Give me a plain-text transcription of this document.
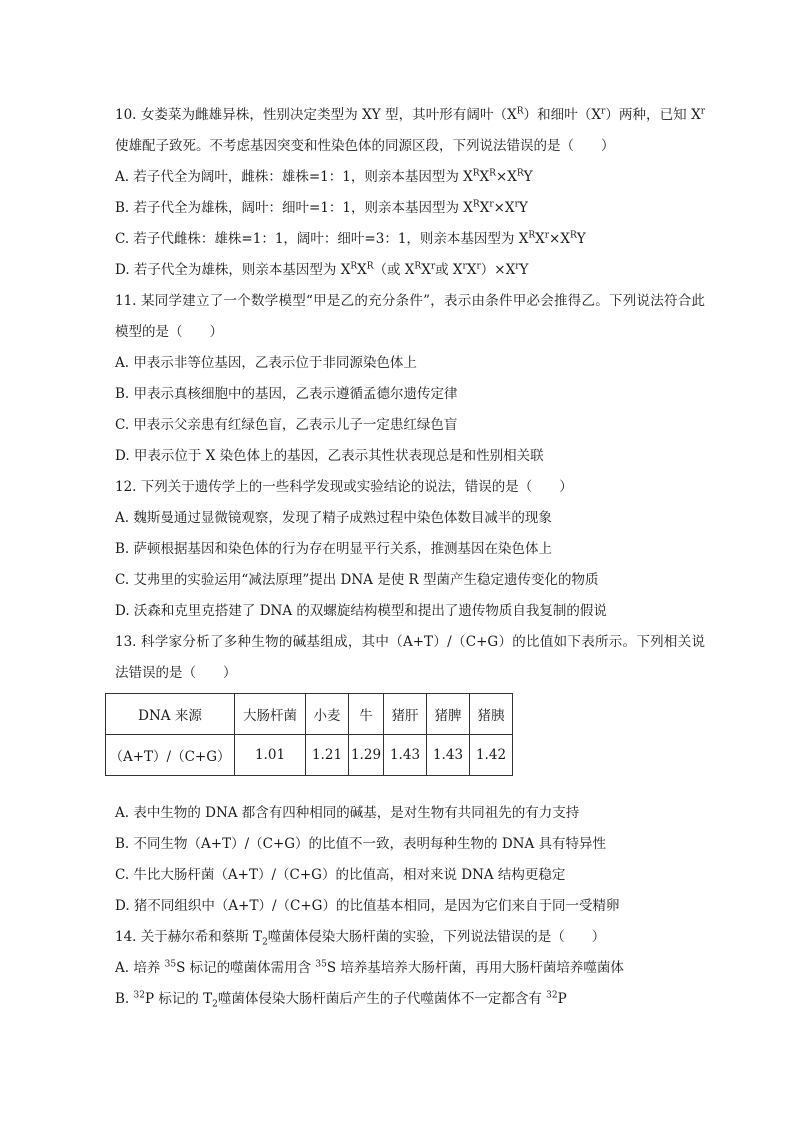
10. 女娄菜为雌雄异株，性别决定类型为 XY 型，其叶形有阔叶$(X^R)$和细叶$(X^r)$两种，已知 $X^r$ 使雄配子致死。不考虑基因突变和性染色体的同源区段，下列说法错误的是（　　）
A. 若子代全为阔叶，雌株：雄株=1：1，则亲本基因型为 $X^RX^R\times X^RY$
B. 若子代全为雄株，阔叶：细叶=1：1，则亲本基因型为 $X^RX^r\times X^rY$
C. 若子代雌株：雄株=1：1，阔叶：细叶=3：1，则亲本基因型为 $X^RX^r\times X^RY$
D. 若子代全为雄株，则亲本基因型为 $X^RX^R$（或 $X^RX^r$或 $X^rX^r)\times X^rY$
11. 某同学建立了一个数学模型“甲是乙的充分条件”，表示由条件甲必会推得乙。下列说法符合此模型的是（　　）
A. 甲表示非等位基因，乙表示位于非同源染色体上
B. 甲表示真核细胞中的基因，乙表示遵循孟德尔遗传定律
C. 甲表示父亲患有红绿色盲，乙表示儿子一定患红绿色盲
D. 甲表示位于 X 染色体上的基因，乙表示其性状表现总是和性别相关联
12. 下列关于遗传学上的一些科学发现或实验结论的说法，错误的是（　　）
A. 魏斯曼通过显微镜观察，发现了精子成熟过程中染色体数目减半的现象
B. 萨顿根据基因和染色体的行为存在明显平行关系，推测基因在染色体上
C. 艾弗里的实验运用“减法原理”提出 DNA 是使 R 型菌产生稳定遗传变化的物质
D. 沃森和克里克搭建了 DNA 的双螺旋结构模型和提出了遗传物质自我复制的假说
13. 科学家分析了多种生物的碱基组成，其中（A+T）/（C+G）的比值如下表所示。下列相关说法错误的是（　　）
DNA 来源	大肠杆菌	小麦	牛	猪肝	猪脾	猪胰
（A+T）/（C+G）	1.01	1.21	1.29	1.43	1.43	1.42
A. 表中生物的 DNA 都含有四种相同的碱基，是对生物有共同祖先的有力支持
B. 不同生物（A+T）/（C+G）的比值不一致，表明每种生物的 DNA 具有特异性
C. 牛比大肠杆菌（A+T）/（C+G）的比值高，相对来说 DNA 结构更稳定
D. 猪不同组织中（A+T）/（C+G）的比值基本相同，是因为它们来自于同一受精卵
14. 关于赫尔希和蔡斯 $T_2$噬菌体侵染大肠杆菌的实验，下列说法错误的是（　　）
A. 培养 $^{35}$S 标记的噬菌体需用含 $^{35}$S 培养基培养大肠杆菌，再用大肠杆菌培养噬菌体
B. $^{32}$P 标记的 $T_2$噬菌体侵染大肠杆菌后产生的子代噬菌体不一定都含有 $^{32}$P
